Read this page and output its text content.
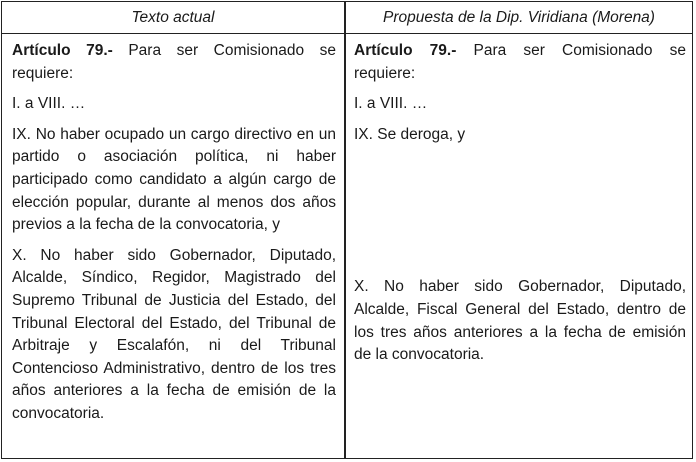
Texto actual	Propuesta de la Dip. Viridiana (Morena)

Artículo 79.- Para ser Comisionado se requiere:

I. a VIII. …

IX. No haber ocupado un cargo directivo en un partido o asociación política, ni haber participado como candidato a algún cargo de elección popular, durante al menos dos años previos a la fecha de la convocatoria, y

X. No haber sido Gobernador, Diputado, Alcalde, Síndico, Regidor, Magistrado del Supremo Tribunal de Justicia del Estado, del Tribunal Electoral del Estado, del Tribunal de Arbitraje y Escalafón, ni del Tribunal Contencioso Administrativo, dentro de los tres años anteriores a la fecha de emisión de la convocatoria.

Artículo 79.- Para ser Comisionado se requiere:

I. a VIII. …

IX. Se deroga, y

X. No haber sido Gobernador, Diputado, Alcalde, Fiscal General del Estado, dentro de los tres años anteriores a la fecha de emisión de la convocatoria.
